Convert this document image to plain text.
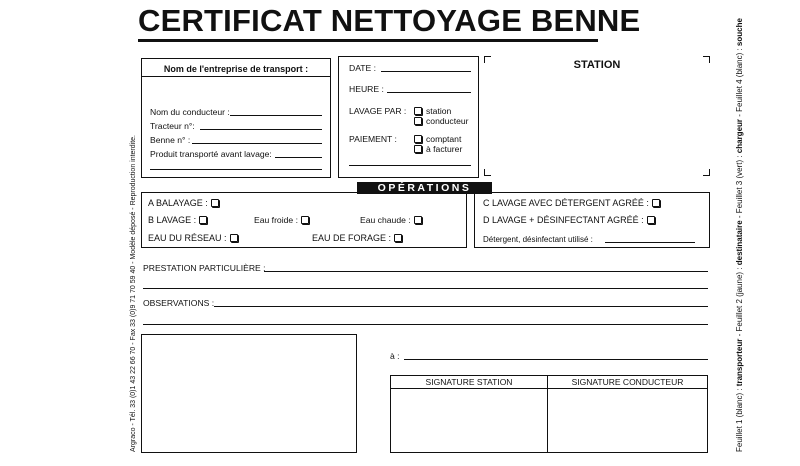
CERTIFICAT NETTOYAGE BENNE
Argraco - Tél. 33 (0)1 43 22 66 70 - Fax 33 (0)9 71 70 59 40 - Modèle déposé - Reproduction interdite.	Feuillet 1 (blanc) : transporteur - Feuillet 2 (jaune) : destinataire - Feuillet 3 (vert) : chargeur - Feuillet 4 (blanc) : souche
Nom de l'entreprise de transport :
Nom du conducteur :
Tracteur n°:
Benne n° :
Produit transporté avant lavage:
DATE :
HEURE :
LAVAGE PAR :	station
conducteur
PAIEMENT :	comptant
à facturer
STATION
OPÉRATIONS
A BALAYAGE :
B LAVAGE :	Eau froide :	Eau chaude :
EAU DU RÉSEAU :	EAU DE FORAGE :
C LAVAGE AVEC DÉTERGENT AGRÉÉ :
D LAVAGE + DÉSINFECTANT AGRÉÉ :
Détergent, désinfectant utilisé :
PRESTATION PARTICULIÈRE :
OBSERVATIONS :
à :
SIGNATURE STATION	SIGNATURE CONDUCTEUR
